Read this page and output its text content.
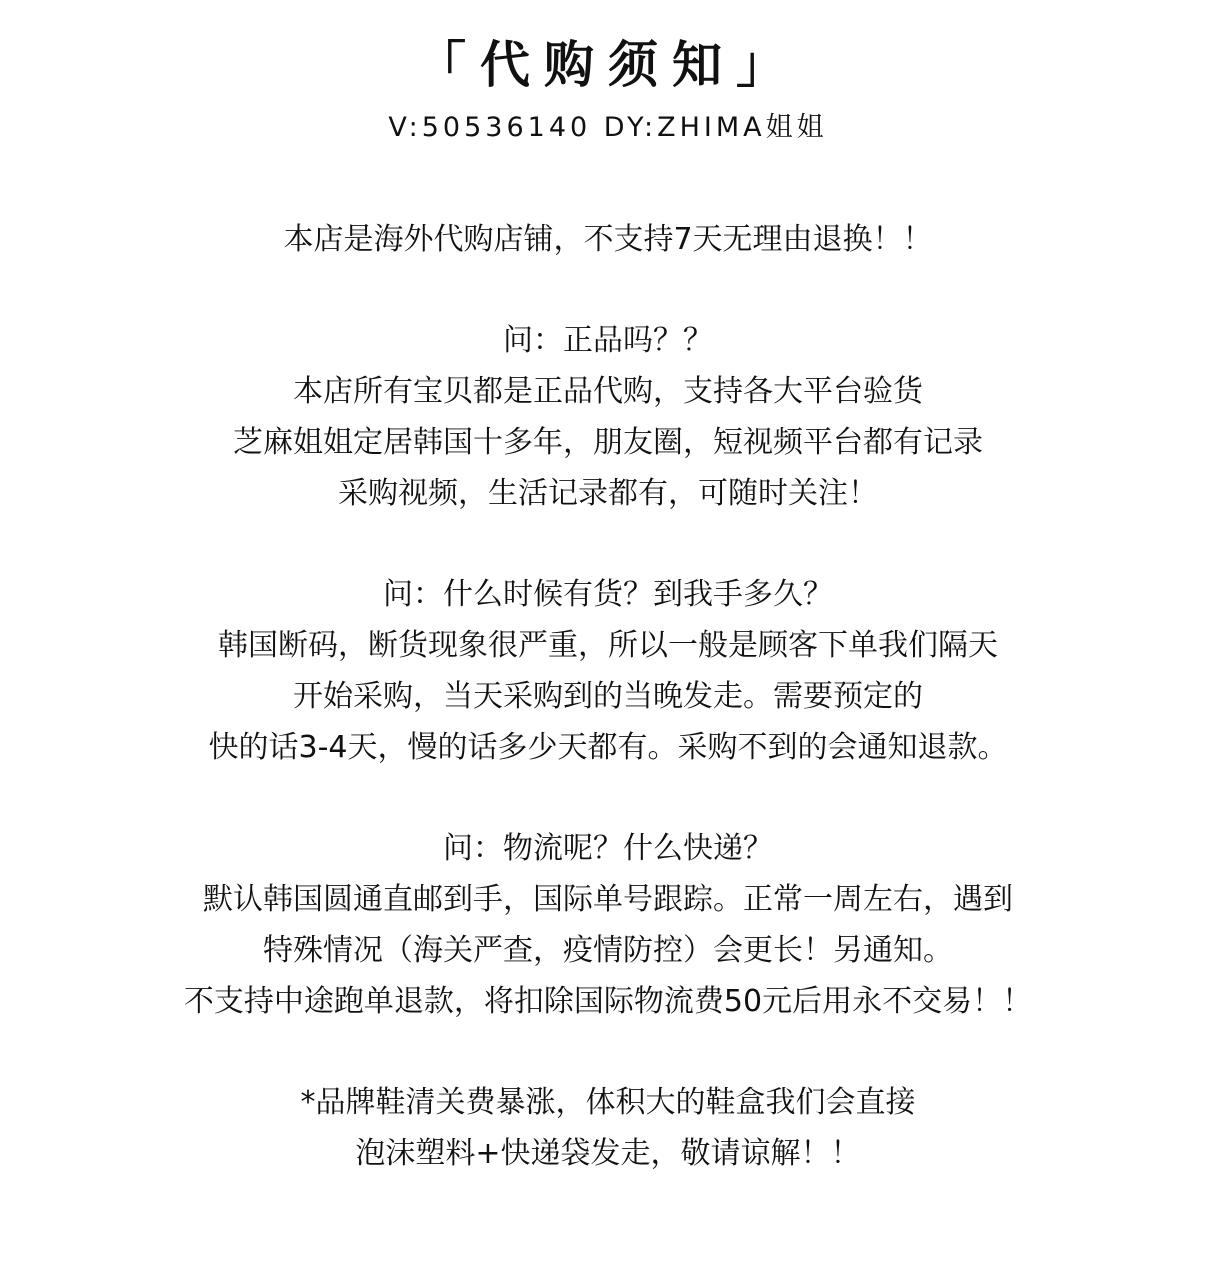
「代购须知」
V:50536140 DY:ZHIMA姐姐
本店是海外代购店铺，不支持7天无理由退换！！
问：正品吗？？
本店所有宝贝都是正品代购，支持各大平台验货
芝麻姐姐定居韩国十多年，朋友圈，短视频平台都有记录
采购视频，生活记录都有，可随时关注！
问：什么时候有货？到我手多久？
韩国断码，断货现象很严重，所以一般是顾客下单我们隔天
开始采购，当天采购到的当晚发走。需要预定的
快的话3-4天，慢的话多少天都有。采购不到的会通知退款。
问：物流呢？什么快递？
默认韩国圆通直邮到手，国际单号跟踪。正常一周左右，遇到
特殊情况（海关严查，疫情防控）会更长！另通知。
不支持中途跑单退款，将扣除国际物流费50元后用永不交易！！
*品牌鞋清关费暴涨，体积大的鞋盒我们会直接
泡沫塑料+快递袋发走，敬请谅解！！
